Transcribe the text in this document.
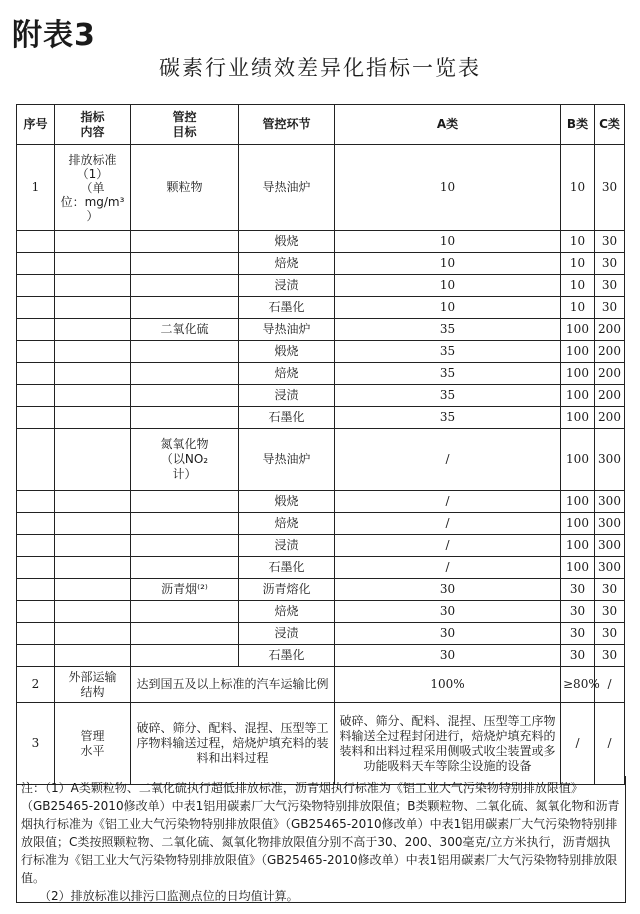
附表3
碳素行业绩效差异化指标一览表
序号	指标
内容	管控
目标	管控环节	A类	B类	C类
1	排放标准
（1）
（单
位：mg/m³
）	颗粒物	导热油炉	10	10	30
			煅烧	10	10	30
			焙烧	10	10	30
			浸渍	10	10	30
			石墨化	10	10	30
		二氧化硫	导热油炉	35	100	200
			煅烧	35	100	200
			焙烧	35	100	200
			浸渍	35	100	200
			石墨化	35	100	200
		氮氧化物
（以NO₂
计）	导热油炉	/	100	300
			煅烧	/	100	300
			焙烧	/	100	300
			浸渍	/	100	300
			石墨化	/	100	300
		沥青烟⁽²⁾	沥青熔化	30	30	30
			焙烧	30	30	30
			浸渍	30	30	30
			石墨化	30	30	30
2	外部运输
结构	达到国五及以上标准的汽车运输比例		100%	≥80%	/
3	管理
水平	破碎、筛分、配料、混捏、压型等工序物料输送过程，焙烧炉填充料的装料和出料过程		破碎、筛分、配料、混捏、压型等工序物料输送全过程封闭进行，焙烧炉填充料的装料和出料过程采用侧吸式收尘装置或多功能吸料天车等除尘设施的设备	/	/

注：（1）A类颗粒物、二氧化硫执行超低排放标准，沥青烟执行标准为《铝工业大气污染物特别排放限值》（GB25465-2010修改单）中表1铝用碳素厂大气污染物特别排放限值；B类颗粒物、二氧化硫、氮氧化物和沥青烟执行标准为《铝工业大气污染物特别排放限值》（GB25465-2010修改单）中表1铝用碳素厂大气污染物特别排放限值；C类按照颗粒物、二氧化硫、氮氧化物排放限值分别不高于30、200、300毫克/立方米执行，沥青烟执行标准为《铝工业大气污染物特别排放限值》（GB25465-2010修改单）中表1铝用碳素厂大气污染物特别排放限值。

（2）排放标准以排污口监测点位的日均值计算。
